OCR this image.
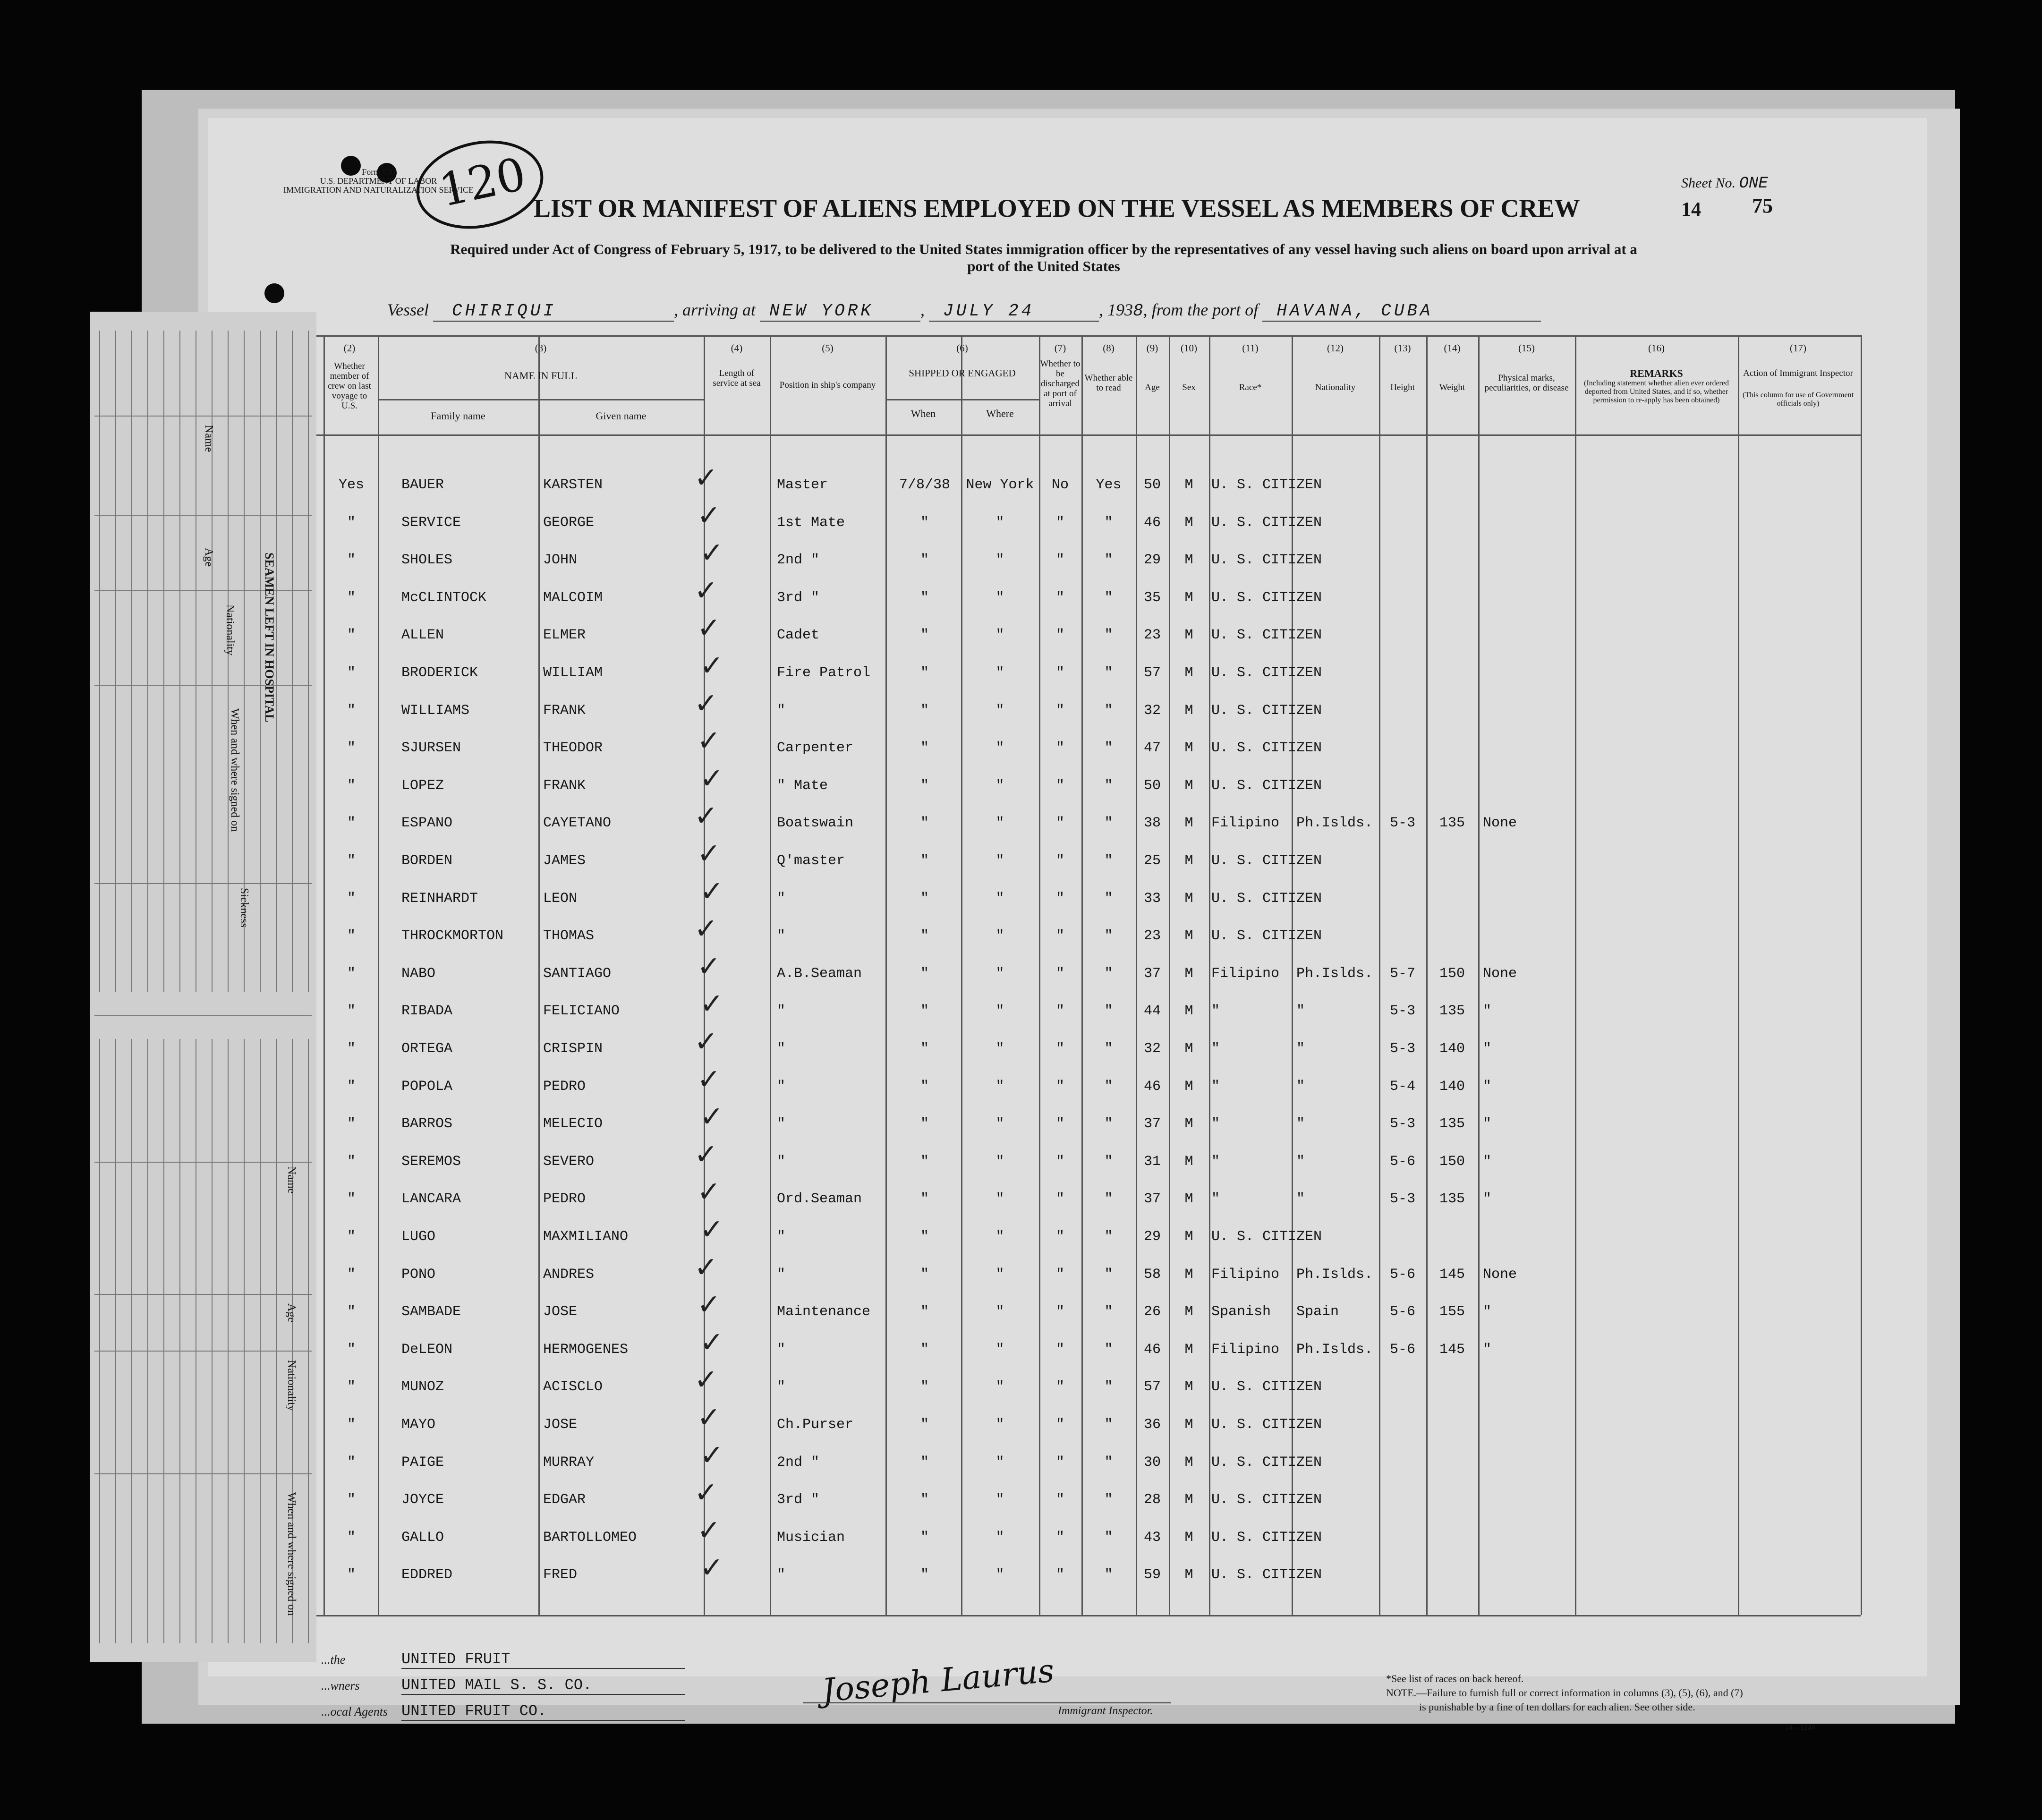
Form 630
U.S. DEPARTMENT OF LABOR
IMMIGRATION AND NATURALIZATION SERVICE
120 LIST OR MANIFEST OF ALIENS EMPLOYED ON THE VESSEL AS MEMBERS OF CREW
Sheet No. ONE
14 75
Required under Act of Congress of February 5, 1917, to be delivered to the United States immigration officer by the representatives of any vessel having such aliens on board upon arrival at a
port of the United States
Vessel CHIRIQUI	, arriving at NEW YORK	, JULY 24	, 1938, from the port of HAVANA, CUBA
(2)
Whether member of crew on last voyage to U.S.
(3)
NAME IN FULL
Family name	Given name
(4)
Length of service at sea
(5)
Position in ship's company
(6)
SHIPPED OR ENGAGED
When	Where
(7)
Whether to be discharged at port of arrival
(8)
Whether able to read
(9)
Age
(10)
Sex
(11)
Race*
(12)
Nationality
(13)
Height
(14)
Weight
(15)
Physical marks, peculiarities, or disease
(16)
REMARKS
(Including statement whether alien ever ordered deported from United States, and if so, whether permission to re-apply has been obtained)
(17)
Action of Immigrant Inspector
(This column for use of Government officials only)
Yes	BAUER	KARSTEN	Master	7/8/38	New York	No	Yes	50	M	U. S. CITIZEN
✓
"	SERVICE	GEORGE	1st Mate	"	"	"	"	46	M	U. S. CITIZEN
✓
"	SHOLES	JOHN	2nd "	"	"	"	"	29	M	U. S. CITIZEN
✓
"	McCLINTOCK	MALCOIM	3rd "	"	"	"	"	35	M	U. S. CITIZEN
✓
"	ALLEN	ELMER	Cadet	"	"	"	"	23	M	U. S. CITIZEN
✓
"	BRODERICK	WILLIAM	Fire Patrol	"	"	"	"	57	M	U. S. CITIZEN
✓
"	WILLIAMS	FRANK	"	"	"	"	"	32	M	U. S. CITIZEN
✓
"	SJURSEN	THEODOR	Carpenter	"	"	"	"	47	M	U. S. CITIZEN
✓
"	LOPEZ	FRANK	" Mate	"	"	"	"	50	M	U. S. CITIZEN
✓
"	ESPANO	CAYETANO	Boatswain	"	"	"	"	38	M	Filipino Ph.Islds.	5-3	135	None
✓
"	BORDEN	JAMES	Q'master	"	"	"	"	25	M	U. S. CITIZEN
✓
"	REINHARDT	LEON	"	"	"	"	"	33	M	U. S. CITIZEN
✓
"	THROCKMORTON	THOMAS	"	"	"	"	"	23	M	U. S. CITIZEN
✓
"	NABO	SANTIAGO	A.B.Seaman	"	"	"	"	37	M	Filipino Ph.Islds.	5-7	150	None
✓
"	RIBADA	FELICIANO	"	"	"	"	"	44	M	"	"	5-3	135	"
✓
"	ORTEGA	CRISPIN	"	"	"	"	"	32	M	"	"	5-3	140	"
✓
"	POPOLA	PEDRO	"	"	"	"	"	46	M	"	"	5-4	140	"
✓
"	BARROS	MELECIO	"	"	"	"	"	37	M	"	"	5-3	135	"
✓
"	SEREMOS	SEVERO	"	"	"	"	"	31	M	"	"	5-6	150	"
✓
"	LANCARA	PEDRO	Ord.Seaman	"	"	"	"	37	M	"	"	5-3	135	"
✓
"	LUGO	MAXMILIANO	"	"	"	"	"	29	M	U. S. CITIZEN
✓
"	PONO	ANDRES	"	"	"	"	"	58	M	Filipino Ph.Islds.	5-6	145	None
✓
"	SAMBADE	JOSE	Maintenance	"	"	"	"	26	M	Spanish Spain	5-6	155	"
✓
"	DeLEON	HERMOGENES	"	"	"	"	"	46	M	Filipino Ph.Islds.	5-6	145	"
✓
"	MUNOZ	ACISCLO	"	"	"	"	"	57	M	U. S. CITIZEN
✓
"	MAYO	JOSE	Ch.Purser	"	"	"	"	36	M	U. S. CITIZEN
✓
"	PAIGE	MURRAY	2nd "	"	"	"	"	30	M	U. S. CITIZEN
✓
"	JOYCE	EDGAR	3rd "	"	"	"	"	28	M	U. S. CITIZEN
✓
"	GALLO	BARTOLLOMEO	Musician	"	"	"	"	43	M	U. S. CITIZEN
✓
"	EDDRED	FRED	"	"	"	"	"	59	M	U. S. CITIZEN
✓
SEAMEN LEFT IN HOSPITAL
Name
Age
Nationality
When and where signed on
Sickness
Name
Age
Nationality
When and where signed on
...the	UNITED FRUIT
...wners	UNITED MAIL S. S. CO.
...ocal Agents UNITED FRUIT CO.
Joseph Laurus
Immigrant Inspector.
*See list of races on back hereof.
NOTE.—Failure to furnish full or correct information in columns (3), (5), (6), and (7)
is punishable by a fine of ten dollars for each alien. See other side.
14—1240
